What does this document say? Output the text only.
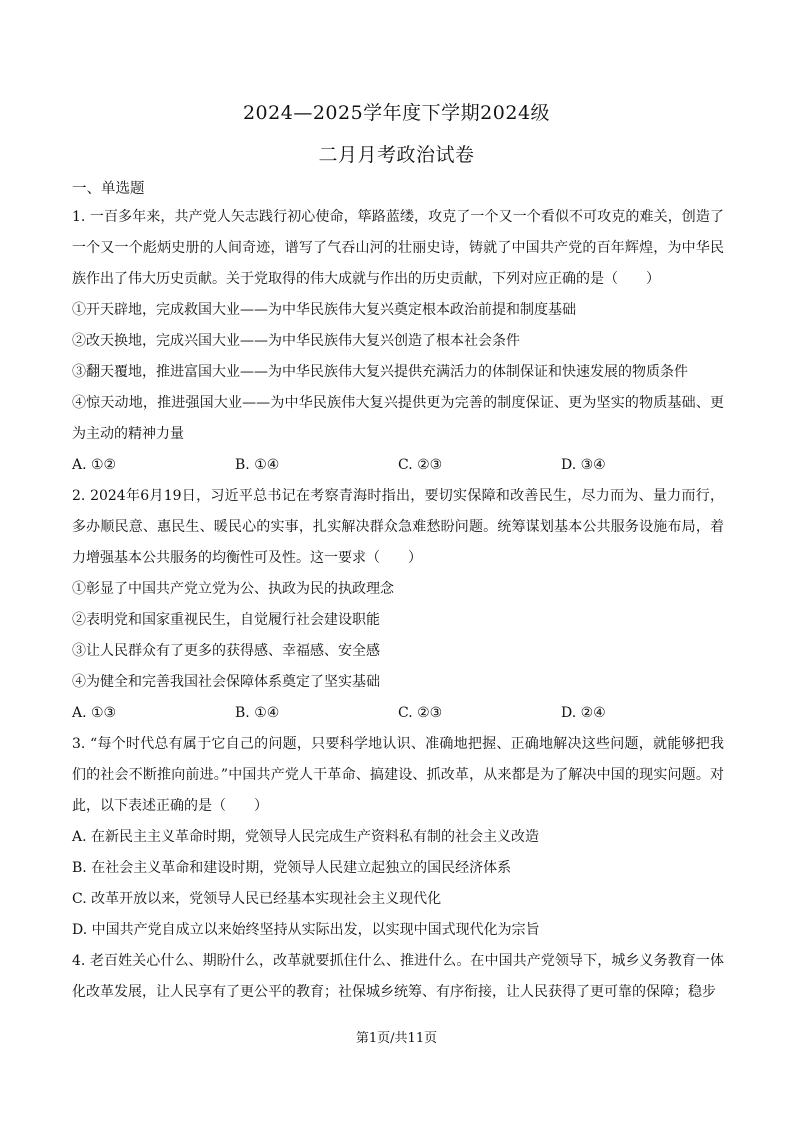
2024—2025学年度下学期2024级
二月月考政治试卷
一、单选题

1. 一百多年来，共产党人矢志践行初心使命，筚路蓝缕，攻克了一个又一个看似不可攻克的难关，创造了一个又一个彪炳史册的人间奇迹，谱写了气吞山河的壮丽史诗，铸就了中国共产党的百年辉煌，为中华民族作出了伟大历史贡献。关于党取得的伟大成就与作出的历史贡献，下列对应正确的是（　　）

①开天辟地，完成救国大业——为中华民族伟大复兴奠定根本政治前提和制度基础

②改天换地，完成兴国大业——为中华民族伟大复兴创造了根本社会条件

③翻天覆地，推进富国大业——为中华民族伟大复兴提供充满活力的体制保证和快速发展的物质条件

④惊天动地，推进强国大业——为中华民族伟大复兴提供更为完善的制度保证、更为坚实的物质基础、更为主动的精神力量

A. ①②	B. ①④	C. ②③	D. ③④

2. 2024年6月19日，习近平总书记在考察青海时指出，要切实保障和改善民生，尽力而为、量力而行，多办顺民意、惠民生、暖民心的实事，扎实解决群众急难愁盼问题。统筹谋划基本公共服务设施布局，着力增强基本公共服务的均衡性可及性。这一要求（　　）

①彰显了中国共产党立党为公、执政为民的执政理念

②表明党和国家重视民生，自觉履行社会建设职能

③让人民群众有了更多的获得感、幸福感、安全感

④为健全和完善我国社会保障体系奠定了坚实基础

A. ①③	B. ①④	C. ②③	D. ②④

3. “每个时代总有属于它自己的问题，只要科学地认识、准确地把握、正确地解决这些问题，就能够把我们的社会不断推向前进。”中国共产党人干革命、搞建设、抓改革，从来都是为了解决中国的现实问题。对此，以下表述正确的是（　　）

A. 在新民主主义革命时期，党领导人民完成生产资料私有制的社会主义改造

B. 在社会主义革命和建设时期，党领导人民建立起独立的国民经济体系

C. 改革开放以来，党领导人民已经基本实现社会主义现代化

D. 中国共产党自成立以来始终坚持从实际出发，以实现中国式现代化为宗旨

4. 老百姓关心什么、期盼什么，改革就要抓住什么、推进什么。在中国共产党领导下，城乡义务教育一体化改革发展，让人民享有了更公平的教育；社保城乡统筹、有序衔接，让人民获得了更可靠的保障；稳步

第1页/共11页
